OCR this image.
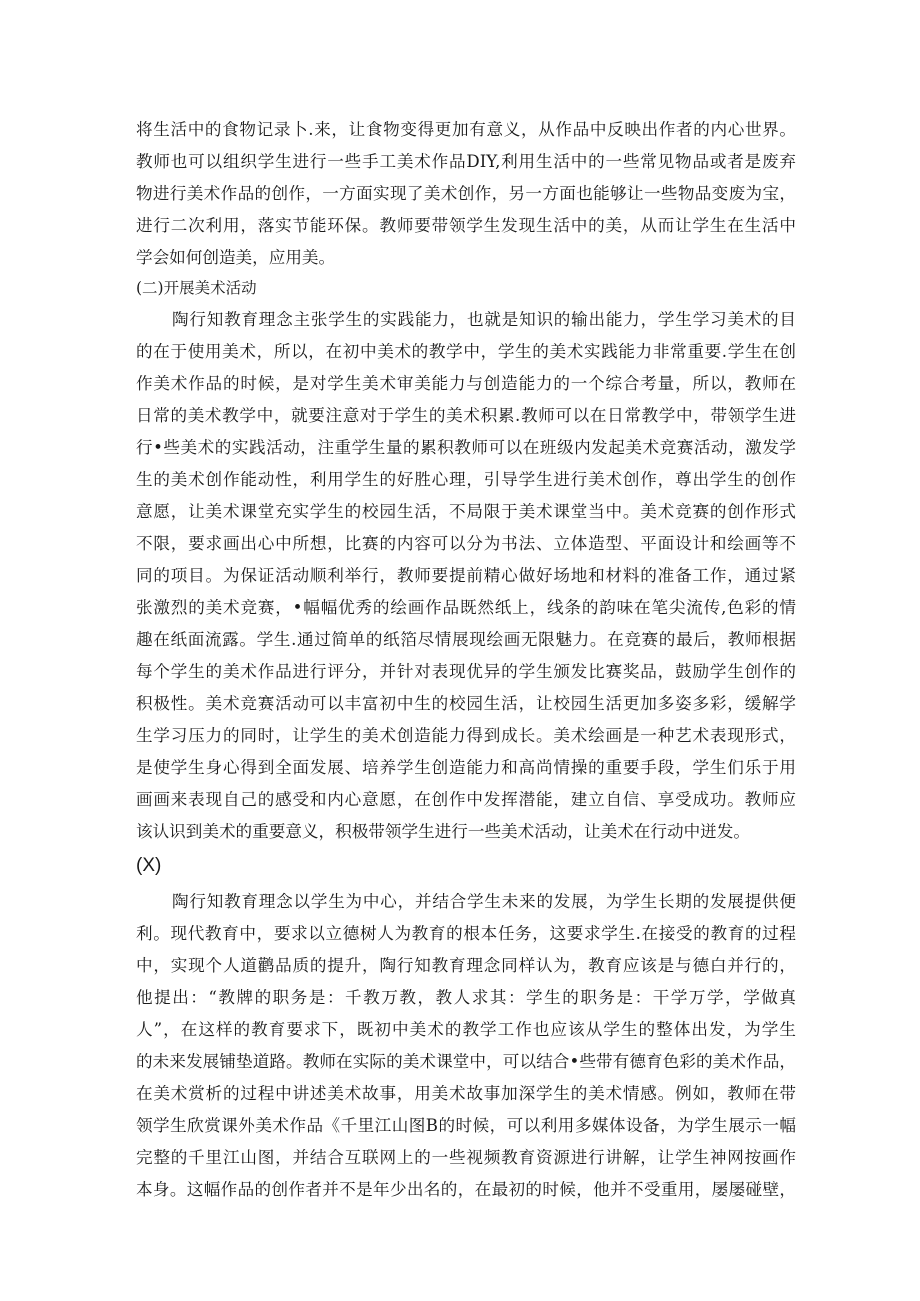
将生活中的食物记录卜.来，让食物变得更加有意义，从作品中反映出作者的内心世界。
教师也可以组织学生进行一些手工美术作品DIY,利用生活中的一些常见物品或者是废弃
物进行美术作品的创作，一方面实现了美术创作，另一方面也能够让一些物品变废为宝，
进行二次利用，落实节能环保。教师要带领学生发现生活中的美，从而让学生在生活中
学会如何创造美，应用美。
(二)开展美术活动
陶行知教育理念主张学生的实践能力，也就是知识的输出能力，学生学习美术的目
的在于使用美术，所以，在初中美术的教学中，学生的美术实践能力非常重要.学生在创
作美术作品的时候，是对学生美术审美能力与创造能力的一个综合考量，所以，教师在
日常的美术教学中，就要注意对于学生的美术积累.教师可以在日常教学中，带领学生进
行•些美术的实践活动，注重学生量的累积教师可以在班级内发起美术竞赛活动，激发学
生的美术创作能动性，利用学生的好胜心理，引导学生进行美术创作，尊出学生的创作
意愿，让美术课堂充实学生的校园生活，不局限于美术课堂当中。美术竞赛的创作形式
不限，要求画出心中所想，比赛的内容可以分为书法、立体造型、平面设计和绘画等不
同的项目。为保证活动顺利举行，教师要提前精心做好场地和材料的准备工作，通过紧
张激烈的美术竞赛，•幅幅优秀的绘画作品既然纸上，线条的韵味在笔尖流传,色彩的情
趣在纸面流露。学生.通过简单的纸箔尽情展现绘画无限魅力。在竞赛的最后，教师根据
每个学生的美术作品进行评分，并针对表现优异的学生颁发比赛奖品，鼓励学生创作的
积极性。美术竞赛活动可以丰富初中生的校园生活，让校园生活更加多姿多彩，缓解学
生学习压力的同时，让学生的美术创造能力得到成长。美术绘画是一种艺术表现形式，
是使学生身心得到全面发展、培养学生创造能力和高尚情操的重要手段，学生们乐于用
画画来表现自己的感受和内心意愿，在创作中发挥潜能，建立自信、享受成功。教师应
该认识到美术的重要意义，积极带领学生进行一些美术活动，让美术在行动中迸发。
(X)
陶行知教育理念以学生为中心，并结合学生未来的发展，为学生长期的发展提供便
利。现代教育中，要求以立德树人为教育的根本任务，这要求学生.在接受的教育的过程
中，实现个人道鹳品质的提升，陶行知教育理念同样认为，教育应该是与德白并行的，
他提出：“教牌的职务是：千教万教，教人求其：学生的职务是：干学万学，学做真
人”，在这样的教育要求下，既初中美术的教学工作也应该从学生的整体出发，为学生
的未来发展铺垫道路。教师在实际的美术课堂中，可以结合•些带有德育色彩的美术作品，
在美术赏析的过程中讲述美术故事，用美术故事加深学生的美术情感。例如，教师在带
领学生欣赏课外美术作品《千里江山图B的时候，可以利用多媒体设备，为学生展示一幅
完整的千里江山图，并结合互联网上的一些视频教育资源进行讲解，让学生神网按画作
本身。这幅作品的创作者并不是年少出名的，在最初的时候，他并不受重用，屡屡碰壁，
